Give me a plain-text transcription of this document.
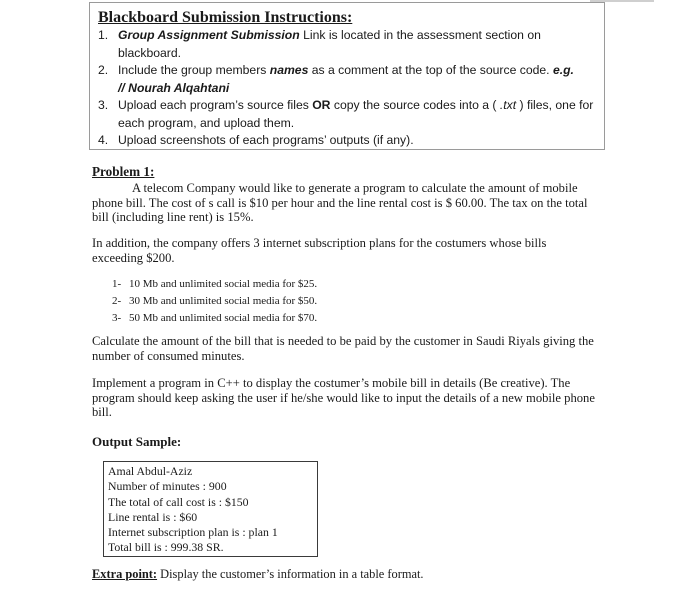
Blackboard Submission Instructions:
1. Group Assignment Submission Link is located in the assessment section on blackboard.
2. Include the group members names as a comment at the top of the source code. e.g.
// Nourah Alqahtani
3. Upload each program’s source files OR copy the source codes into a ( .txt ) files, one for each program, and upload them.
4. Upload screenshots of each programs’ outputs (if any).
Problem 1:
A telecom Company would like to generate a program to calculate the amount of mobile phone bill. The cost of s call is $10 per hour and the line rental cost is $ 60.00. The tax on the total bill (including line rent) is 15%.
In addition, the company offers 3 internet subscription plans for the costumers whose bills exceeding $200.
1- 10 Mb and unlimited social media for $25.
2- 30 Mb and unlimited social media for $50.
3- 50 Mb and unlimited social media for $70.
Calculate the amount of the bill that is needed to be paid by the customer in Saudi Riyals giving the number of consumed minutes.
Implement a program in C++ to display the costumer’s mobile bill in details (Be creative). The program should keep asking the user if he/she would like to input the details of a new mobile phone bill.
Output Sample:
Amal Abdul-Aziz
Number of minutes : 900
The total of call cost is : $150
Line rental is : $60
Internet subscription plan is : plan 1
Total bill is : 999.38 SR.
Extra point: Display the customer’s information in a table format.
